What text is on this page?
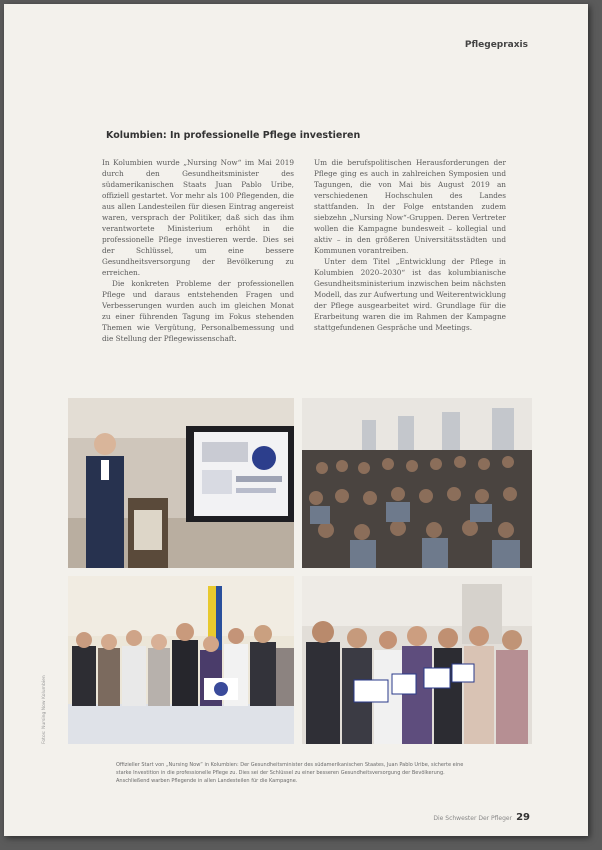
Pflegepraxis
Kolumbien: In professionelle Pflege investieren

In Kolumbien wurde „Nursing Now“ im Mai 2019 durch den Gesundheitsminister des südamerikanischen Staats Juan Pablo Uribe, offiziell gestartet. Vor mehr als 100 Pflegenden, die aus allen Landesteilen für diesen Eintrag angereist waren, versprach der Politiker, daß sich das ihm verantwortete Ministerium erhöht in die professionelle Pflege investieren werde. Dies sei der Schlüssel, um eine bessere Gesundheitsversorgung der Bevölkerung zu erreichen.

Die konkreten Probleme der professionellen Pflege und daraus entstehenden Fragen und Verbesserungen wurden auch im gleichen Monat zu einer führenden Tagung im Fokus stehenden Themen wie Vergütung, Personalbemessung und die Stellung der Pflegewissenschaft.

Um die berufspolitischen Herausforderungen der Pflege ging es auch in zahlreichen Symposien und Tagungen, die von Mai bis August 2019 an verschiedenen Hochschulen des Landes stattfanden. In der Folge entstanden zudem siebzehn „Nursing Now“-Gruppen. Deren Vertreter wollen die Kampagne bundesweit – kollegial und aktiv – in den größeren Universitätsstädten und Kommunen vorantreiben.

Unter dem Titel „Entwicklung der Pflege in Kolumbien 2020–2030“ ist das kolumbianische Gesundheitsministerium inzwischen beim nächsten Modell, das zur Aufwertung und Weiterentwicklung der Pflege ausgearbeitet wird. Grundlage für die Erarbeitung waren die im Rahmen der Kampagne stattgefundenen Gespräche und Meetings.

Fotos: Nursing Now Kolumbien

Offizieller Start von „Nursing Now“ in Kolumbien: Der Gesundheitsminister des südamerikanischen Staates, Juan Pablo Uribe, sicherte eine starke Investition in die professionelle Pflege zu. Dies sei der Schlüssel zu einer besseren Gesundheitsversorgung der Bevölkerung. Anschließend warben Pflegende in allen Landesteilen für die Kampagne.

Die Schwester Der Pfleger 29
